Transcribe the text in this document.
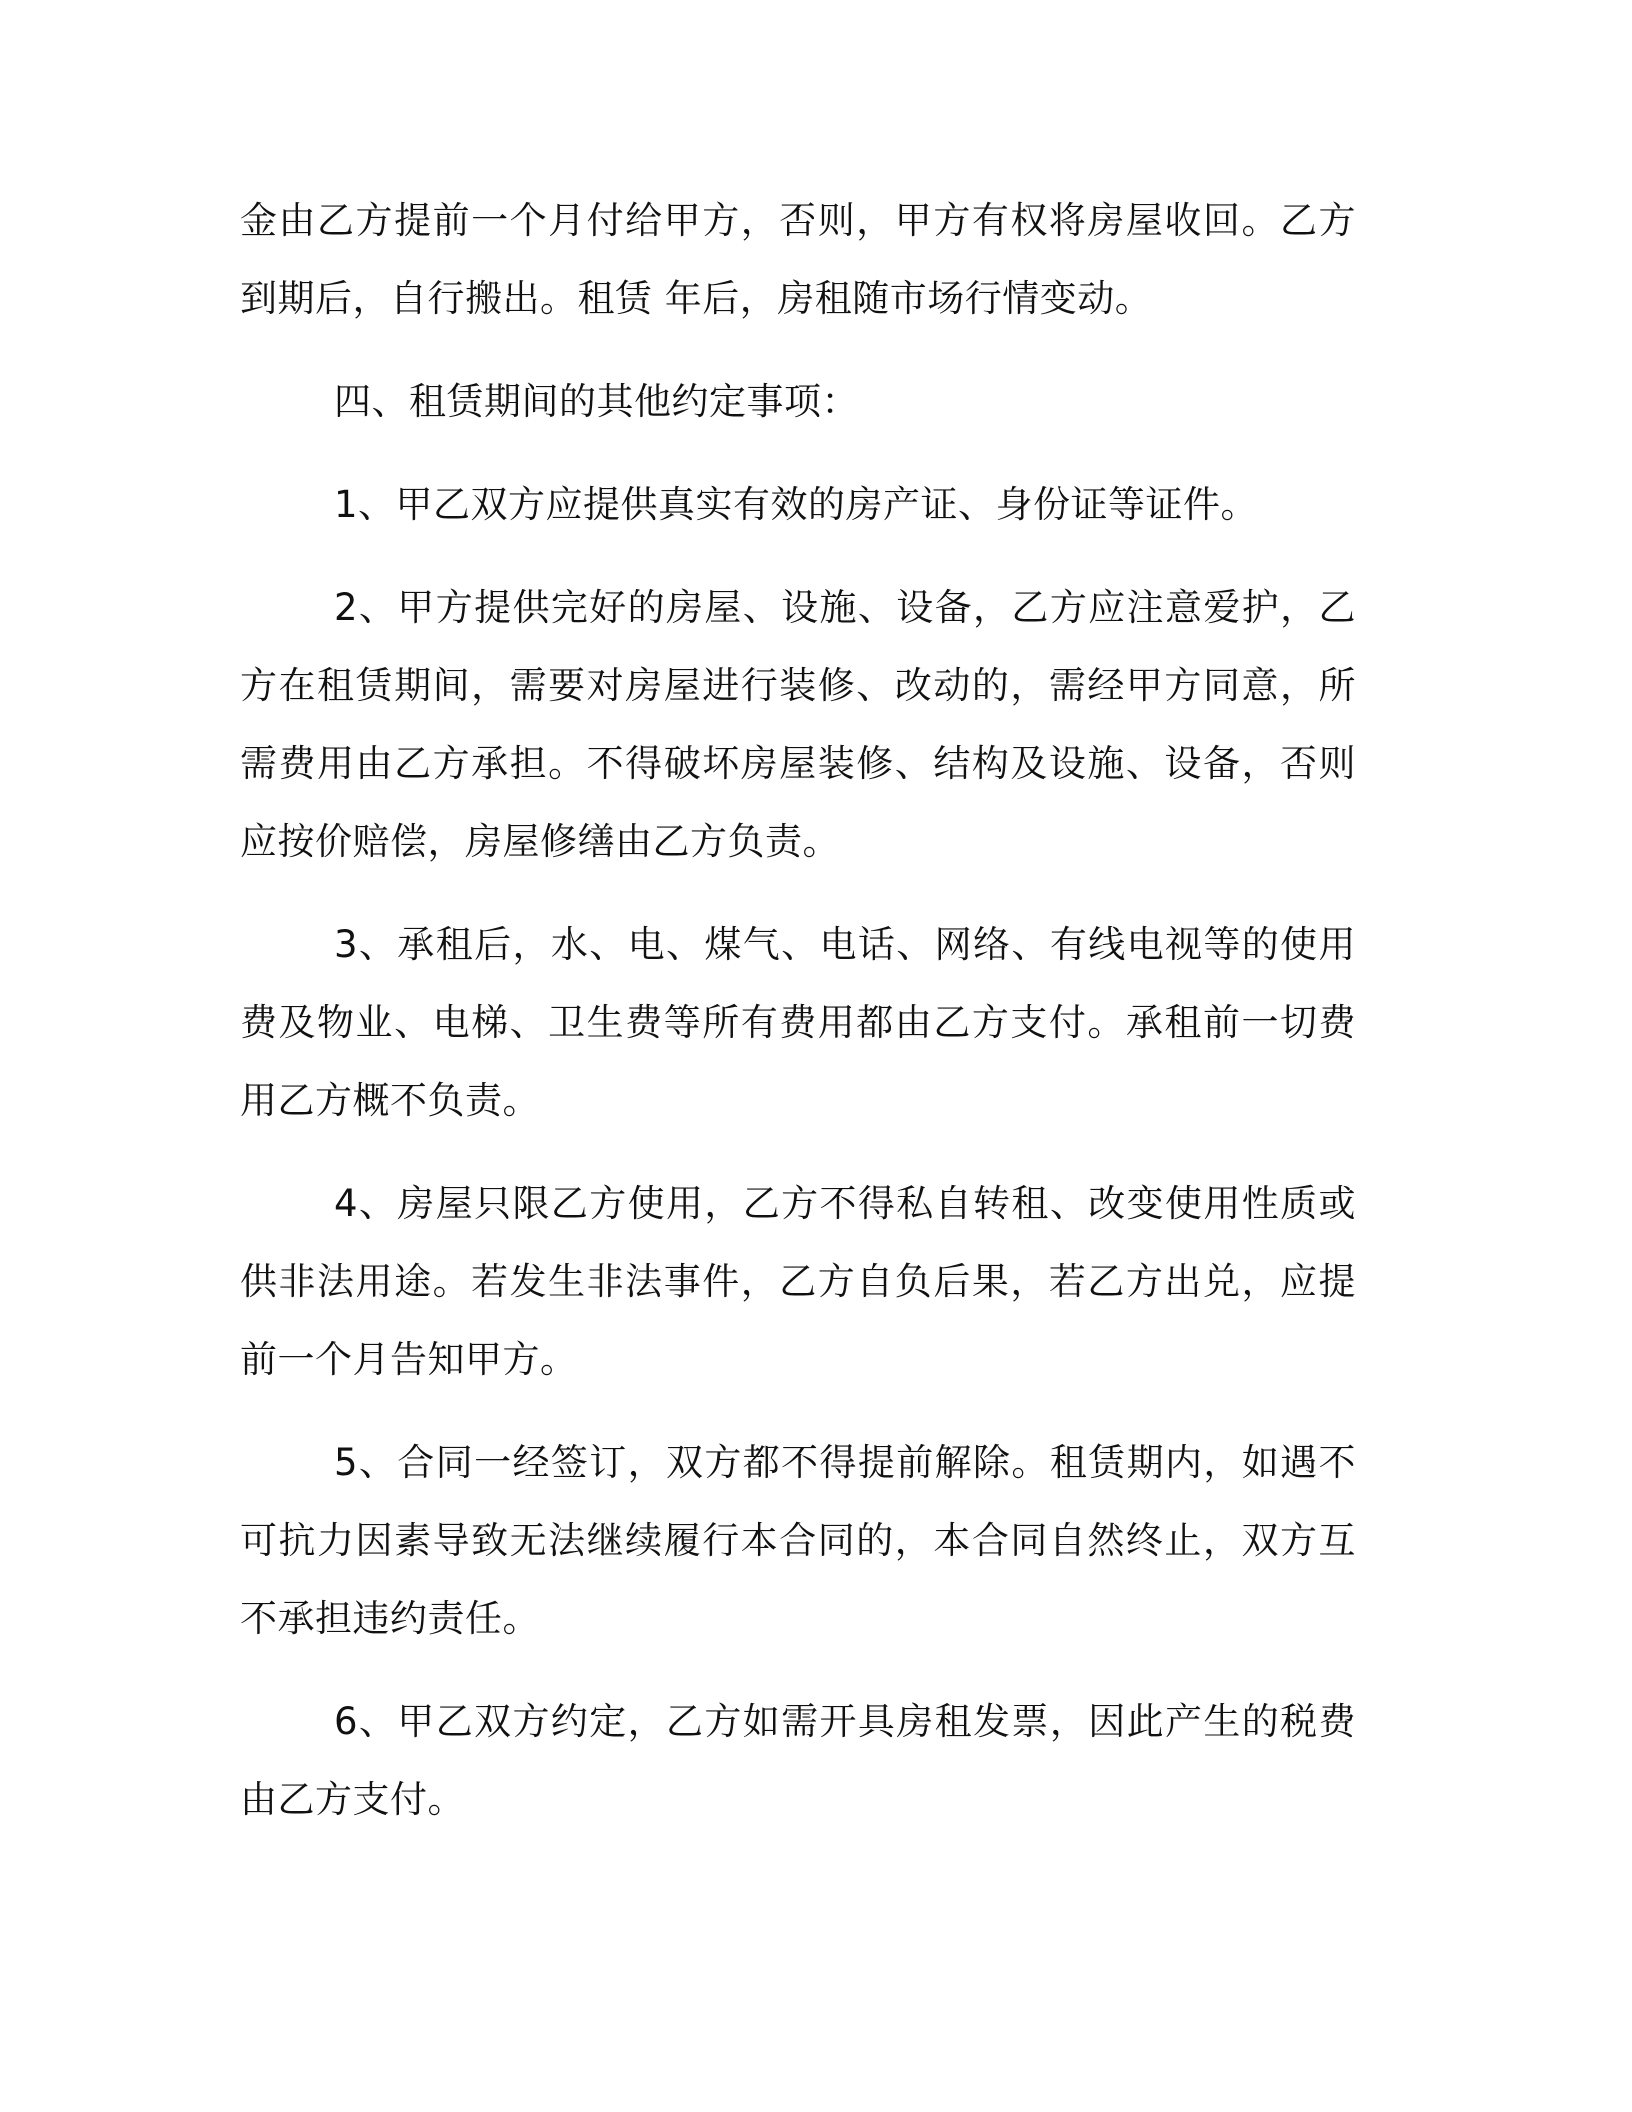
金由乙方提前一个月付给甲方，否则，甲方有权将房屋收回。乙方到期后，自行搬出。租赁 年后，房租随市场行情变动。

四、租赁期间的其他约定事项：

1、甲乙双方应提供真实有效的房产证、身份证等证件。

2、甲方提供完好的房屋、设施、设备，乙方应注意爱护，乙方在租赁期间，需要对房屋进行装修、改动的，需经甲方同意，所需费用由乙方承担。不得破坏房屋装修、结构及设施、设备，否则应按价赔偿，房屋修缮由乙方负责。

3、承租后，水、电、煤气、电话、网络、有线电视等的使用费及物业、电梯、卫生费等所有费用都由乙方支付。承租前一切费用乙方概不负责。

4、房屋只限乙方使用，乙方不得私自转租、改变使用性质或供非法用途。若发生非法事件，乙方自负后果，若乙方出兑，应提前一个月告知甲方。

5、合同一经签订，双方都不得提前解除。租赁期内，如遇不可抗力因素导致无法继续履行本合同的，本合同自然终止，双方互不承担违约责任。

6、甲乙双方约定，乙方如需开具房租发票，因此产生的税费由乙方支付。
